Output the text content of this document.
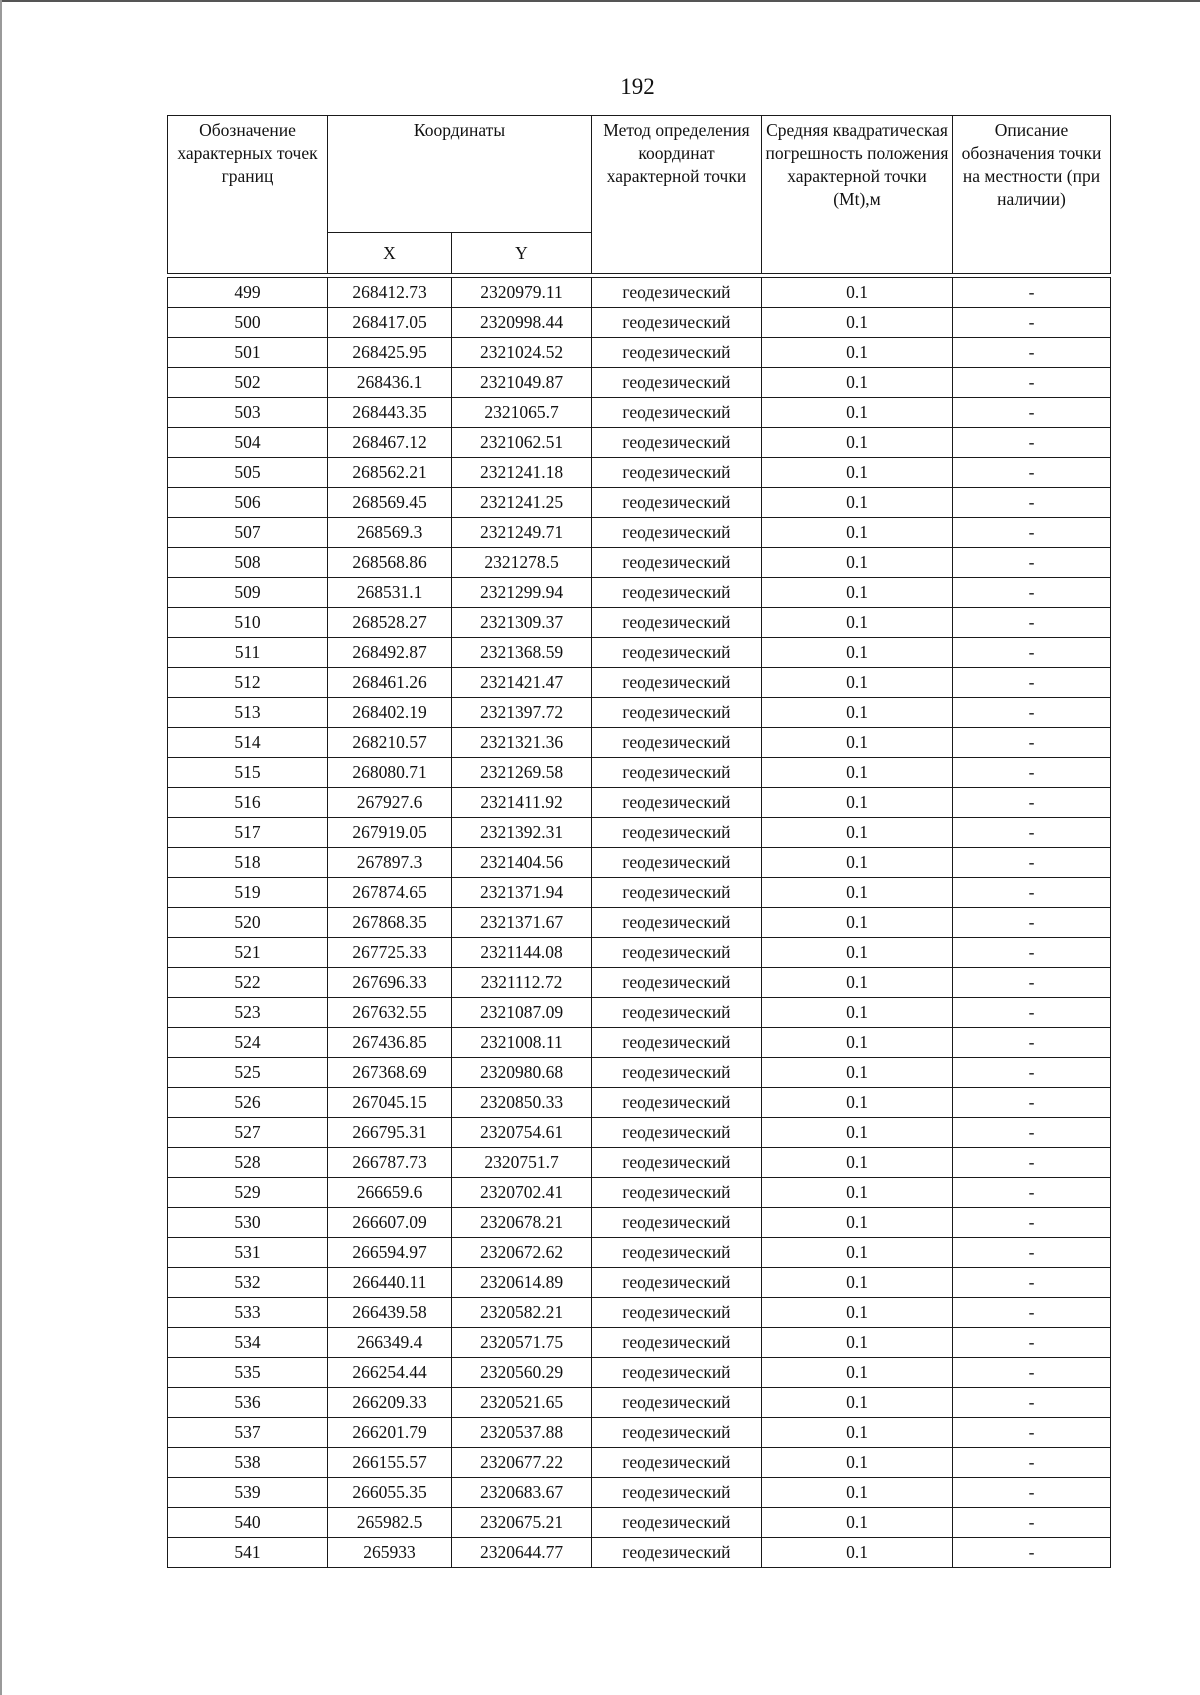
192
Обозначение характерных точек границ	Координаты		Метод определения координат характерной точки	Средняя квадратическая погрешность положения характерной точки (Mt),м	Описание обозначения точки на местности (при наличии)
	X	Y			

499	268412.73	2320979.11	геодезический	0.1	-
500	268417.05	2320998.44	геодезический	0.1	-
501	268425.95	2321024.52	геодезический	0.1	-
502	268436.1	2321049.87	геодезический	0.1	-
503	268443.35	2321065.7	геодезический	0.1	-
504	268467.12	2321062.51	геодезический	0.1	-
505	268562.21	2321241.18	геодезический	0.1	-
506	268569.45	2321241.25	геодезический	0.1	-
507	268569.3	2321249.71	геодезический	0.1	-
508	268568.86	2321278.5	геодезический	0.1	-
509	268531.1	2321299.94	геодезический	0.1	-
510	268528.27	2321309.37	геодезический	0.1	-
511	268492.87	2321368.59	геодезический	0.1	-
512	268461.26	2321421.47	геодезический	0.1	-
513	268402.19	2321397.72	геодезический	0.1	-
514	268210.57	2321321.36	геодезический	0.1	-
515	268080.71	2321269.58	геодезический	0.1	-
516	267927.6	2321411.92	геодезический	0.1	-
517	267919.05	2321392.31	геодезический	0.1	-
518	267897.3	2321404.56	геодезический	0.1	-
519	267874.65	2321371.94	геодезический	0.1	-
520	267868.35	2321371.67	геодезический	0.1	-
521	267725.33	2321144.08	геодезический	0.1	-
522	267696.33	2321112.72	геодезический	0.1	-
523	267632.55	2321087.09	геодезический	0.1	-
524	267436.85	2321008.11	геодезический	0.1	-
525	267368.69	2320980.68	геодезический	0.1	-
526	267045.15	2320850.33	геодезический	0.1	-
527	266795.31	2320754.61	геодезический	0.1	-
528	266787.73	2320751.7	геодезический	0.1	-
529	266659.6	2320702.41	геодезический	0.1	-
530	266607.09	2320678.21	геодезический	0.1	-
531	266594.97	2320672.62	геодезический	0.1	-
532	266440.11	2320614.89	геодезический	0.1	-
533	266439.58	2320582.21	геодезический	0.1	-
534	266349.4	2320571.75	геодезический	0.1	-
535	266254.44	2320560.29	геодезический	0.1	-
536	266209.33	2320521.65	геодезический	0.1	-
537	266201.79	2320537.88	геодезический	0.1	-
538	266155.57	2320677.22	геодезический	0.1	-
539	266055.35	2320683.67	геодезический	0.1	-
540	265982.5	2320675.21	геодезический	0.1	-
541	265933	2320644.77	геодезический	0.1	-
